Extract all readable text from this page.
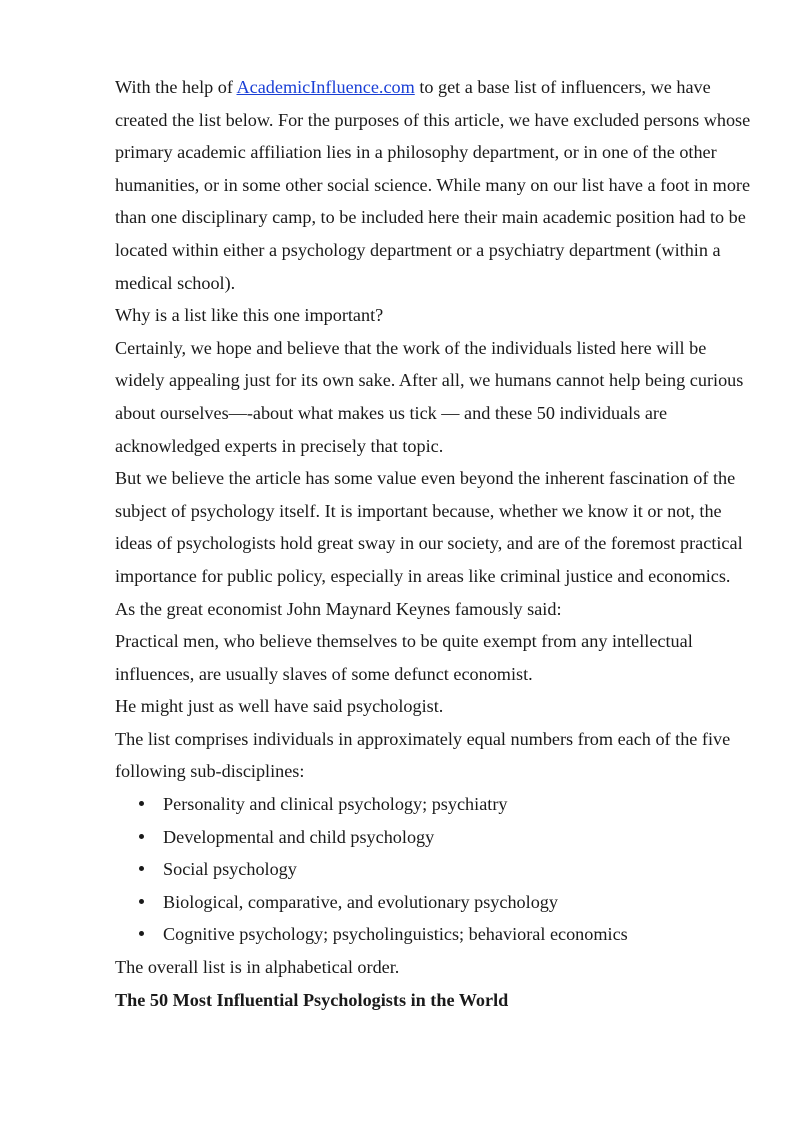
With the help of AcademicInfluence.com to get a base list of influencers, we have created the list below. For the purposes of this article, we have excluded persons whose primary academic affiliation lies in a philosophy department, or in one of the other humanities, or in some other social science. While many on our list have a foot in more than one disciplinary camp, to be included here their main academic position had to be located within either a psychology department or a psychiatry department (within a medical school).

Why is a list like this one important?

Certainly, we hope and believe that the work of the individuals listed here will be widely appealing just for its own sake. After all, we humans cannot help being curious about ourselves—-about what makes us tick — and these 50 individuals are acknowledged experts in precisely that topic.

But we believe the article has some value even beyond the inherent fascination of the subject of psychology itself. It is important because, whether we know it or not, the ideas of psychologists hold great sway in our society, and are of the foremost practical importance for public policy, especially in areas like criminal justice and economics.

As the great economist John Maynard Keynes famously said:

Practical men, who believe themselves to be quite exempt from any intellectual influences, are usually slaves of some defunct economist.

He might just as well have said psychologist.

The list comprises individuals in approximately equal numbers from each of the five following sub-disciplines:

Personality and clinical psychology; psychiatry
Developmental and child psychology
Social psychology
Biological, comparative, and evolutionary psychology
Cognitive psychology; psycholinguistics; behavioral economics

The overall list is in alphabetical order.

The 50 Most Influential Psychologists in the World
